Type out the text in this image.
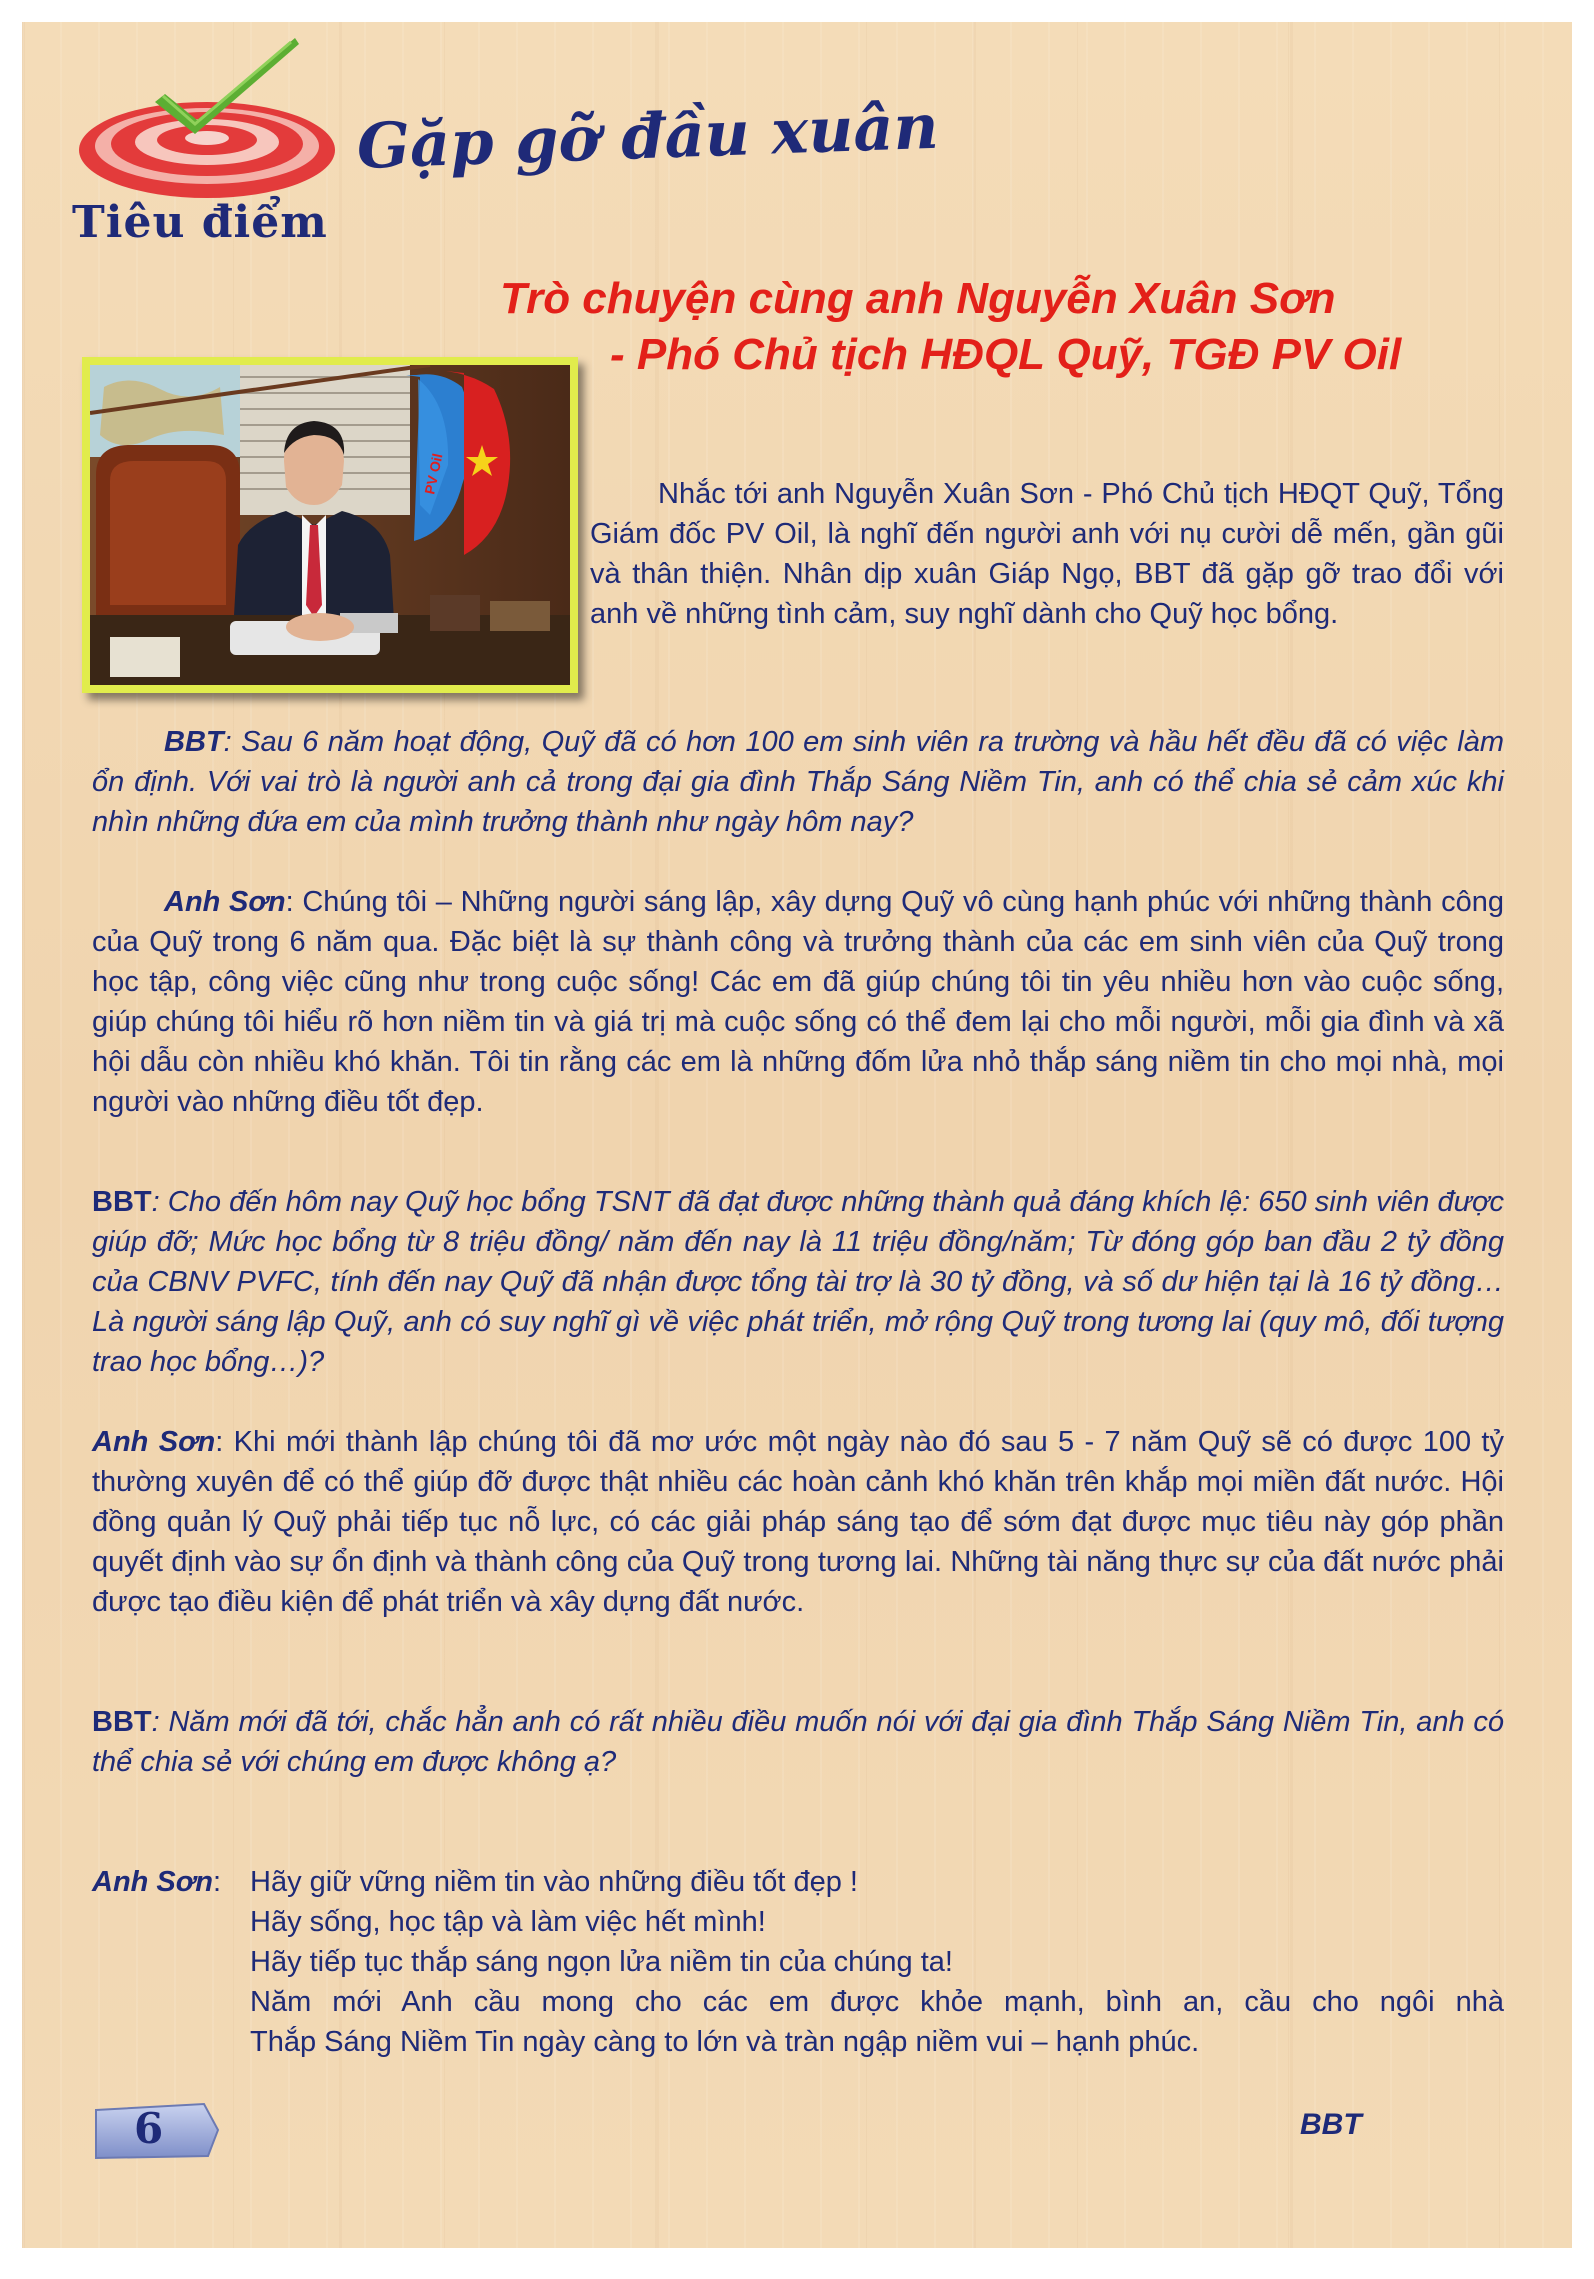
Tiêu điểm
Gặp gỡ đầu xuân
Trò chuyện cùng anh Nguyễn Xuân Sơn
- Phó Chủ tịch HĐQL Quỹ, TGĐ PV Oil
PV Oil	Nhắc tới anh Nguyễn Xuân Sơn - Phó Chủ tịch HĐQT Quỹ, Tổng Giám đốc PV Oil, là nghĩ đến người anh với nụ cười dễ mến, gần gũi và thân thiện. Nhân dịp xuân Giáp Ngọ, BBT đã gặp gỡ trao đổi với anh về những tình cảm, suy nghĩ dành cho Quỹ học bổng.

BBT: Sau 6 năm hoạt động, Quỹ đã có hơn 100 em sinh viên ra trường và hầu hết đều đã có việc làm ổn định. Với vai trò là người anh cả trong đại gia đình Thắp Sáng Niềm Tin, anh có thể chia sẻ cảm xúc khi nhìn những đứa em của mình trưởng thành như ngày hôm nay?

Anh Sơn: Chúng tôi – Những người sáng lập, xây dựng Quỹ vô cùng hạnh phúc với những thành công của Quỹ trong 6 năm qua. Đặc biệt là sự thành công và trưởng thành của các em sinh viên của Quỹ trong học tập, công việc cũng như trong cuộc sống! Các em đã giúp chúng tôi tin yêu nhiều hơn vào cuộc sống, giúp chúng tôi hiểu rõ hơn niềm tin và giá trị mà cuộc sống có thể đem lại cho mỗi người, mỗi gia đình và xã hội dẫu còn nhiều khó khăn. Tôi tin rằng các em là những đốm lửa nhỏ thắp sáng niềm tin cho mọi nhà, mọi người vào những điều tốt đẹp.

BBT: Cho đến hôm nay Quỹ học bổng TSNT đã đạt được những thành quả đáng khích lệ: 650 sinh viên được giúp đỡ; Mức học bổng từ 8 triệu đồng/ năm đến nay là 11 triệu đồng/năm; Từ đóng góp ban đầu 2 tỷ đồng của CBNV PVFC, tính đến nay Quỹ đã nhận được tổng tài trợ là 30 tỷ đồng, và số dư hiện tại là 16 tỷ đồng… Là người sáng lập Quỹ, anh có suy nghĩ gì về việc phát triển, mở rộng Quỹ trong tương lai (quy mô, đối tượng trao học bổng…)?

Anh Sơn: Khi mới thành lập chúng tôi đã mơ ước một ngày nào đó sau 5 - 7 năm Quỹ sẽ có được 100 tỷ thường xuyên để có thể giúp đỡ được thật nhiều các hoàn cảnh khó khăn trên khắp mọi miền đất nước. Hội đồng quản lý Quỹ phải tiếp tục nỗ lực, có các giải pháp sáng tạo để sớm đạt được mục tiêu này góp phần quyết định vào sự ổn định và thành công của Quỹ trong tương lai. Những tài năng thực sự của đất nước phải được tạo điều kiện để phát triển và xây dựng đất nước.

BBT: Năm mới đã tới, chắc hẳn anh có rất nhiều điều muốn nói với đại gia đình Thắp Sáng Niềm Tin, anh có thể chia sẻ với chúng em được không ạ?

Anh Sơn: Hãy giữ vững niềm tin vào những điều tốt đẹp !
Hãy sống, học tập và làm việc hết mình!
Hãy tiếp tục thắp sáng ngọn lửa niềm tin của chúng ta!
Năm mới Anh cầu mong cho các em được khỏe mạnh, bình an, cầu cho ngôi nhà
Thắp Sáng Niềm Tin ngày càng to lớn và tràn ngập niềm vui – hạnh phúc.
BBT
6
